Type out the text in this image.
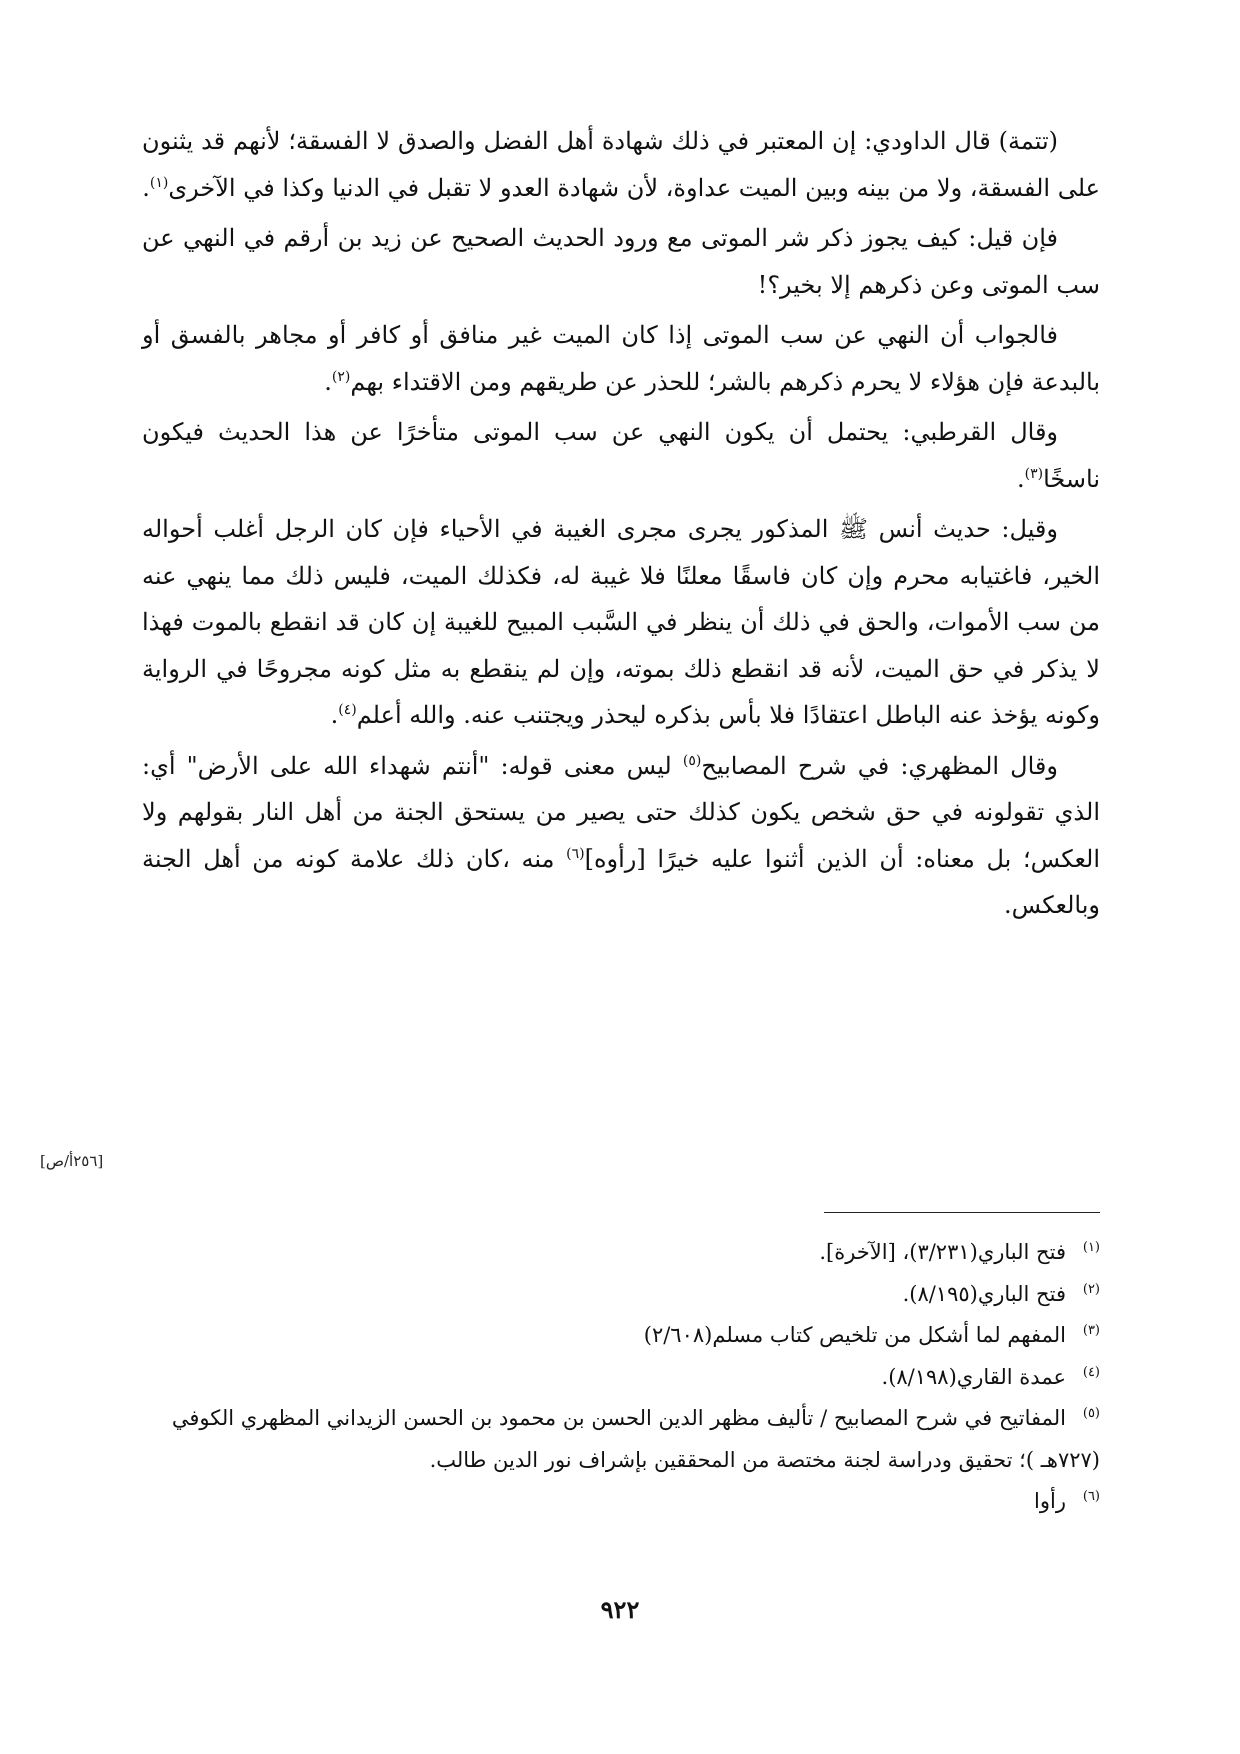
(تتمة) قال الداودي: إن المعتبر في ذلك شهادة أهل الفضل والصدق لا الفسقة؛ لأنهم قد يثنون على الفسقة، ولا من بينه وبين الميت عداوة، لأن شهادة العدو لا تقبل في الدنيا وكذا في الآخرى$^{(١)}$.

فإن قيل: كيف يجوز ذكر شر الموتى مع ورود الحديث الصحيح عن زيد بن أرقم في النهي عن سب الموتى وعن ذكرهم إلا بخير؟!

فالجواب أن النهي عن سب الموتى إذا كان الميت غير منافق أو كافر أو مجاهر بالفسق أو بالبدعة فإن هؤلاء لا يحرم ذكرهم بالشر؛ للحذر عن طريقهم ومن الاقتداء بهم$^{(٢)}$.

وقال القرطبي: يحتمل أن يكون النهي عن سب الموتى متأخرًا عن هذا الحديث فيكون ناسخًا$^{(٣)}$.

وقيل: حديث أنس ﷺ المذكور يجرى مجرى الغيبة في الأحياء فإن كان الرجل أغلب أحواله الخير، فاغتيابه محرم وإن كان فاسقًا معلنًا فلا غيبة له، فكذلك الميت، فليس ذلك مما ينهي عنه من سب الأموات، والحق في ذلك أن ينظر في السَّبب المبيح للغيبة إن كان قد انقطع بالموت فهذا لا يذكر في حق الميت، لأنه قد انقطع ذلك بموته، وإن لم ينقطع به مثل كونه مجروحًا في الرواية وكونه يؤخذ عنه الباطل اعتقادًا فلا بأس بذكره ليحذر ويجتنب عنه. والله أعلم$^{(٤)}$.

وقال المظهري: في شرح المصابيح$^{(٥)}$ ليس معنى قوله: "أنتم شهداء الله على الأرض" أي: الذي تقولونه في حق شخص يكون كذلك حتى يصير من يستحق الجنة من أهل النار بقولهم ولا العكس؛ بل معناه: أن الذين أثنوا عليه خيرًا [رأوه]$^{(٦)}$ منه ،كان ذلك علامة كونه من أهل الجنة وبالعكس.

[٢٥٦أ/ص]

(١)فتح الباري(٣/٢٣١)، [الآخرة].

(٢)فتح الباري(٨/١٩٥).

(٣)المفهم لما أشكل من تلخيص كتاب مسلم(٢/٦٠٨)

(٤)عمدة القاري(٨/١٩٨).

(٥)المفاتيح في شرح المصابيح / تأليف مظهر الدين الحسن بن محمود بن الحسن الزيداني المظهري الكوفي

(٧٢٧هـ )؛ تحقيق ودراسة لجنة مختصة من المحققين بإشراف نور الدين طالب.

(٦)رأوا

٩٢٢
